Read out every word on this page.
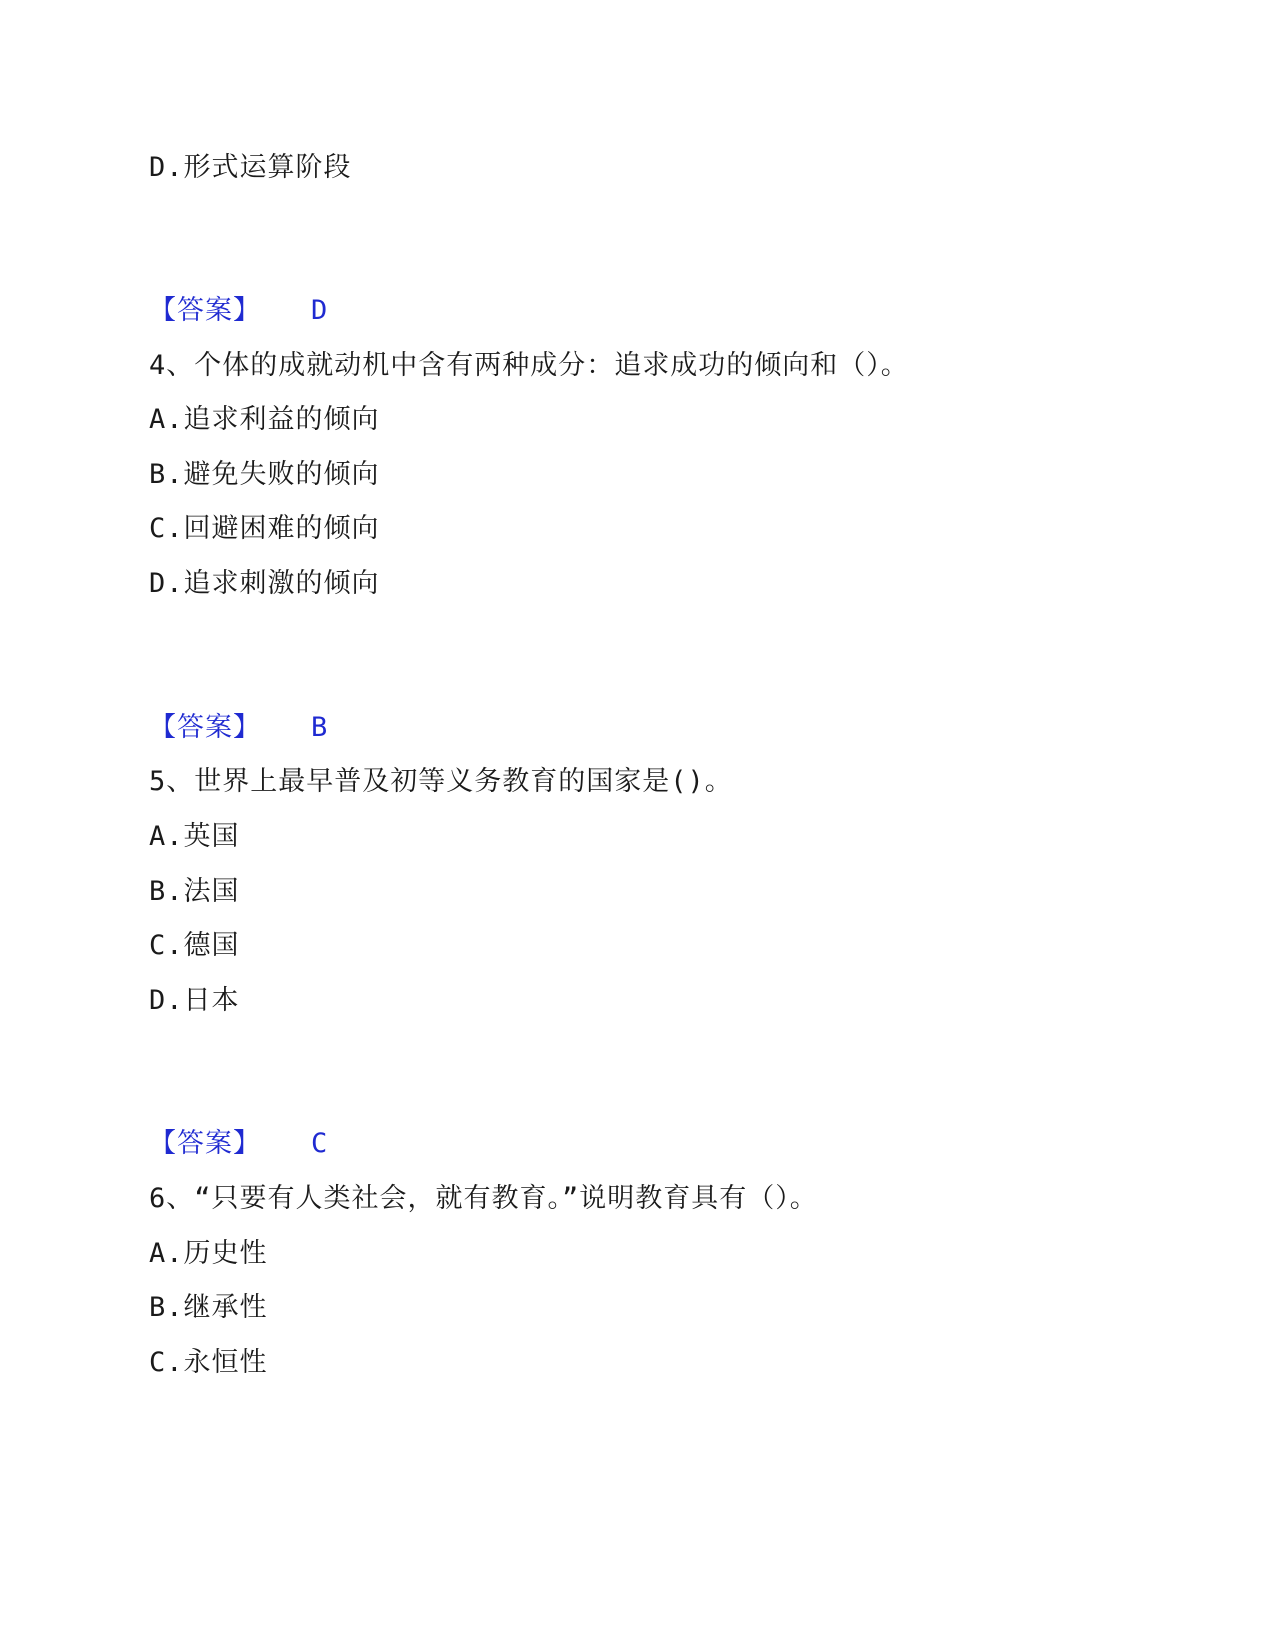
D.形式运算阶段
【答案】 D
4、个体的成就动机中含有两种成分：追求成功的倾向和（）。
A.追求利益的倾向
B.避免失败的倾向
C.回避困难的倾向
D.追求刺激的倾向
【答案】 B
5、世界上最早普及初等义务教育的国家是()。
A.英国
B.法国
C.德国
D.日本
【答案】 C
6、“只要有人类社会，就有教育。”说明教育具有（）。
A.历史性
B.继承性
C.永恒性
